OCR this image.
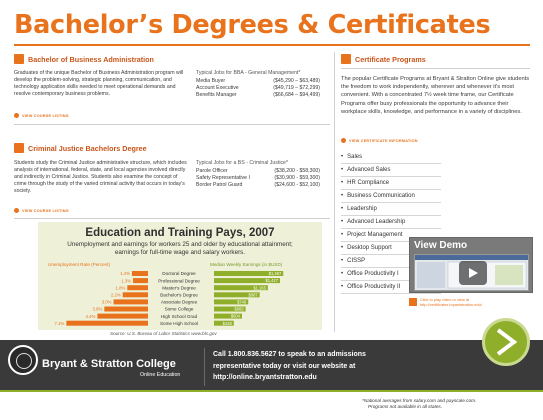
Bachelor’s Degrees & Certificates
Bachelor of Business Administration
Graduates of the unique Bachelor of Business Administration program will develop the problem-solving, strategic planning, communication, and technology application skills needed to meet operational demands and resolve contemporary business problems.
Typical Jobs for BBA - General Management*
Media Buyer	($45,290 – $63,489)
Account Executive	($49,719 – $72,299)
Benefits Manager	($66,684 – $94,499)
VIEW COURSE LISTING
Criminal Justice Bachelors Degree
Students study the Criminal Justice administrative structure, which includes analysis of international, federal, state, and local agencies involved directly and indirectly in Criminal Justice. Students also examine the concept of crime through the study of the varied criminal activity that occurs in today's society.
Typical Jobs for a BS - Criminal Justice*
Parole Officer	($38,200 - $58,300)
Safety Representative I	($30,900 - $59,300)
Border Patrol Guard	($24,600 - $52,100)
VIEW COURSE LISTING
Education and Training Pays, 2007
Unemployment and earnings for workers 25 and older by educational attainment; earnings for full-time wage and salary workers.
Unemployment Rate (Percent)	Median Weekly Earnings (in $USD)
1.4%	Doctoral Degree	$1,497
1.3%	Professional Degree	$1,427
1.8%	Master's Degree	$1,165
2.2%	Bachelor's Degree	$987
3.0%	Associate Degree	$740
3.8%	Some College	$683
4.4%	High School Grad	$604
7.1%	Some High School	$428
Source: U.S. Bureau of Labor Statistics www.bls.gov
Certificate Programs
The popular Certificate Programs at Bryant & Stratton Online give students the freedom to work independently, wherever and whenever it's most convenient. With a concentrated 7½ week time frame, our Certificate Programs offer busy professionals the opportunity to advance their workplace skills, knowledge, and performance in a variety of disciplines.
VIEW CERTIFICATE INFORMATION
• Sales
• Advanced Sales
• HR Compliance
• Business Communication
• Leadership
• Advanced Leadership
• Project Management
• Desktop Support
• CISSP
• Office Productivity I
• Office Productivity II
View Demo
Click to play video or view at
http://certificates.bryantstratton.edu/
Bryant & Stratton College
Online Education
Call 1.800.836.5627 to speak to an admissions
representative today or visit our website at
http://online.bryantstratton.edu
*National averages from salary.com and payscale.com.
Programs not available in all states.
